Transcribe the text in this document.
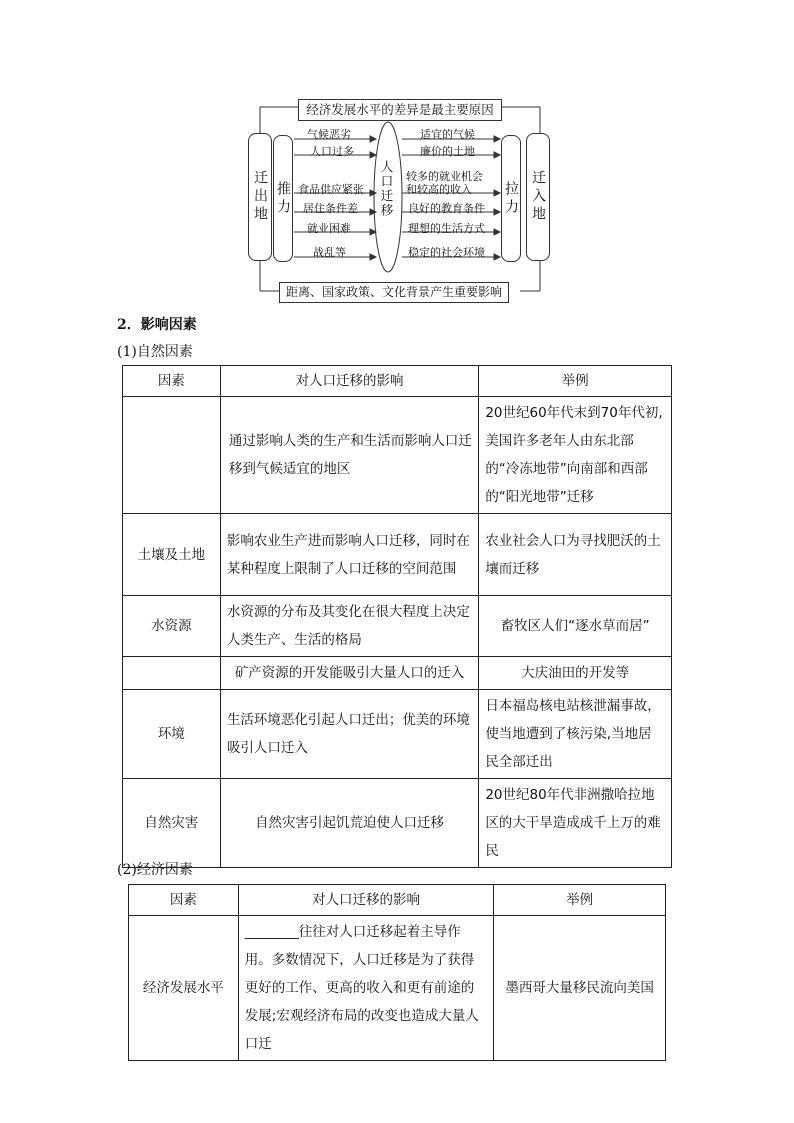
经济发展水平的差异是最主要原因
距离、国家政策、文化背景产生重要影响
迁出地 推力	拉力 迁入地
人口迁移
气候恶劣
人口过多
食品供应紧张
居住条件差
就业困难
战乱等
适宜的气候
廉价的土地
较多的就业机会
和较高的收入
良好的教育条件
理想的生活方式
稳定的社会环境
2．影响因素
(1)自然因素
因素	对人口迁移的影响	举例
	通过影响人类的生产和生活而影响人口迁移到气候适宜的地区	20世纪60年代末到70年代初,美国许多老年人由东北部的“冷冻地带”向南部和西部的“阳光地带”迁移
土壤及土地	影响农业生产进而影响人口迁移，同时在某种程度上限制了人口迁移的空间范围	农业社会人口为寻找肥沃的土壤而迁移
水资源	水资源的分布及其变化在很大程度上决定人类生产、生活的格局	畜牧区人们“逐水草而居”
	矿产资源的开发能吸引大量人口的迁入	大庆油田的开发等
环境	生活环境恶化引起人口迁出；优美的环境吸引人口迁入	日本福岛核电站核泄漏事故，使当地遭到了核污染,当地居民全部迁出
自然灾害	自然灾害引起饥荒迫使人口迁移	20世纪80年代非洲撒哈拉地区的大干旱造成成千上万的难民
(2)经济因素
因素	对人口迁移的影响	举例
经济发展水平	________往往对人口迁移起着主导作用。多数情况下，人口迁移是为了获得更好的工作、更高的收入和更有前途的发展;宏观经济布局的改变也造成大量人口迁	墨西哥大量移民流向美国
